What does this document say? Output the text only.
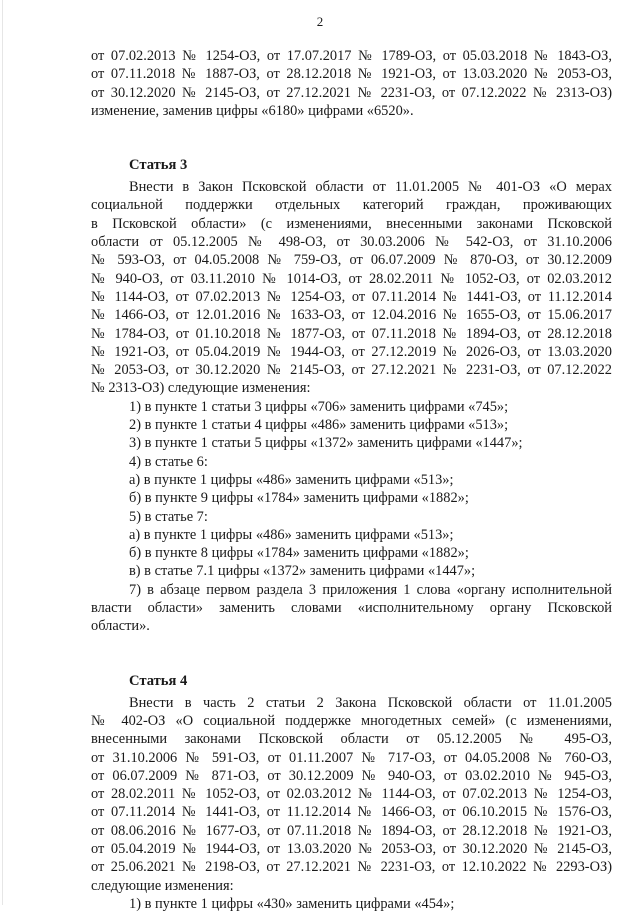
2
от 07.02.2013 № 1254-ОЗ, от 17.07.2017 № 1789-ОЗ, от 05.03.2018 № 1843-ОЗ,
от 07.11.2018 № 1887-ОЗ, от 28.12.2018 № 1921-ОЗ, от 13.03.2020 № 2053-ОЗ,
от 30.12.2020 № 2145-ОЗ, от 27.12.2021 № 2231-ОЗ, от 07.12.2022 № 2313-ОЗ)
изменение, заменив цифры «6180» цифрами «6520».
Статья 3
Внести в Закон Псковской области от 11.01.2005 № 401-ОЗ «О мерах
социальной поддержки отдельных категорий граждан, проживающих
в Псковской области» (с изменениями, внесенными законами Псковской
области от 05.12.2005 № 498-ОЗ, от 30.03.2006 № 542-ОЗ, от 31.10.2006
№ 593-ОЗ, от 04.05.2008 № 759-ОЗ, от 06.07.2009 № 870-ОЗ, от 30.12.2009
№ 940-ОЗ, от 03.11.2010 № 1014-ОЗ, от 28.02.2011 № 1052-ОЗ, от 02.03.2012
№ 1144-ОЗ, от 07.02.2013 № 1254-ОЗ, от 07.11.2014 № 1441-ОЗ, от 11.12.2014
№ 1466-ОЗ, от 12.01.2016 № 1633-ОЗ, от 12.04.2016 № 1655-ОЗ, от 15.06.2017
№ 1784-ОЗ, от 01.10.2018 № 1877-ОЗ, от 07.11.2018 № 1894-ОЗ, от 28.12.2018
№ 1921-ОЗ, от 05.04.2019 № 1944-ОЗ, от 27.12.2019 № 2026-ОЗ, от 13.03.2020
№ 2053-ОЗ, от 30.12.2020 № 2145-ОЗ, от 27.12.2021 № 2231-ОЗ, от 07.12.2022
№ 2313-ОЗ) следующие изменения:
1) в пункте 1 статьи 3 цифры «706» заменить цифрами «745»;
2) в пункте 1 статьи 4 цифры «486» заменить цифрами «513»;
3) в пункте 1 статьи 5 цифры «1372» заменить цифрами «1447»;
4) в статье 6:
а) в пункте 1 цифры «486» заменить цифрами «513»;
б) в пункте 9 цифры «1784» заменить цифрами «1882»;
5) в статье 7:
а) в пункте 1 цифры «486» заменить цифрами «513»;
б) в пункте 8 цифры «1784» заменить цифрами «1882»;
в) в статье 7.1 цифры «1372» заменить цифрами «1447»;
7) в абзаце первом раздела 3 приложения 1 слова «органу исполнительной
власти области» заменить словами «исполнительному органу Псковской
области».
Статья 4
Внести в часть 2 статьи 2 Закона Псковской области от 11.01.2005
№ 402-ОЗ «О социальной поддержке многодетных семей» (с изменениями,
внесенными законами Псковской области от 05.12.2005 № 495-ОЗ,
от 31.10.2006 № 591-ОЗ, от 01.11.2007 № 717-ОЗ, от 04.05.2008 № 760-ОЗ,
от 06.07.2009 № 871-ОЗ, от 30.12.2009 № 940-ОЗ, от 03.02.2010 № 945-ОЗ,
от 28.02.2011 № 1052-ОЗ, от 02.03.2012 № 1144-ОЗ, от 07.02.2013 № 1254-ОЗ,
от 07.11.2014 № 1441-ОЗ, от 11.12.2014 № 1466-ОЗ, от 06.10.2015 № 1576-ОЗ,
от 08.06.2016 № 1677-ОЗ, от 07.11.2018 № 1894-ОЗ, от 28.12.2018 № 1921-ОЗ,
от 05.04.2019 № 1944-ОЗ, от 13.03.2020 № 2053-ОЗ, от 30.12.2020 № 2145-ОЗ,
от 25.06.2021 № 2198-ОЗ, от 27.12.2021 № 2231-ОЗ, от 12.10.2022 № 2293-ОЗ)
следующие изменения:
1) в пункте 1 цифры «430» заменить цифрами «454»;
